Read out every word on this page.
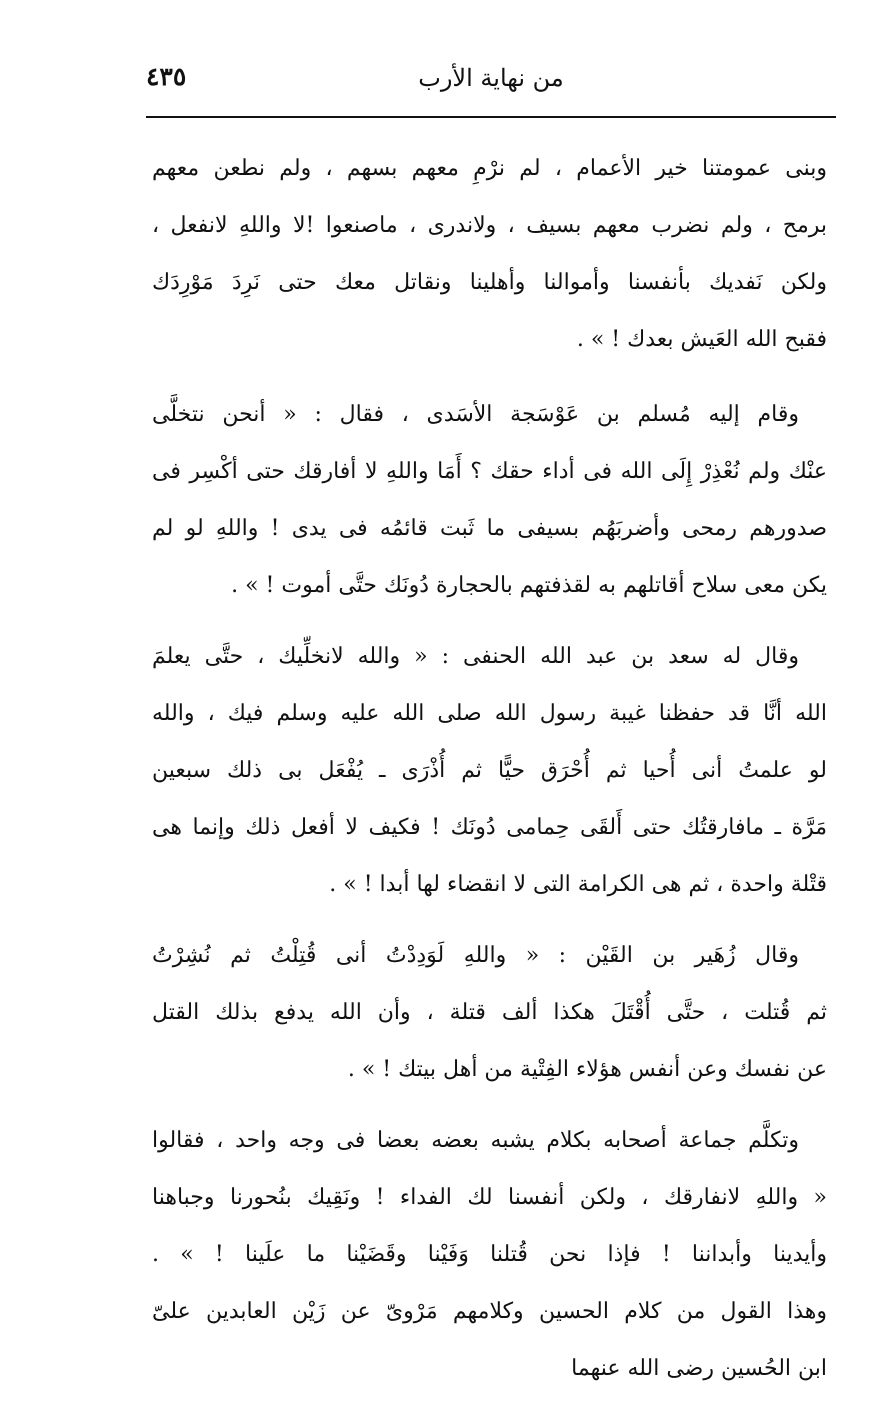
٤٣٥	من نهاية الأرب
وبنى عمومتنا خير الأعمام ، لم نرْمِ معهم بسهم ، ولم نطعن معهم
برمح ، ولم نضرب معهم بسيف ، ولاندرى ، ماصنعوا !لا واللهِ لانفعل ،
ولكن نَفديك بأنفسنا وأموالنا وأهلينا ونقاتل معك حتى نَرِدَ مَوْرِدَك
فقبح الله العَيش بعدك ! » .
وقام إليه مُسلم بن عَوْسَجة الأسَدى ، فقال : « أنحن نتخلَّى
عنْك ولم نُعْذِرْ إِلَى الله فى أداء حقك ؟ أَمَا واللهِ لا أفارقك حتى أكْسِر فى
صدورهم رمحى وأضربَهُم بسيفى ما ثَبت قائمُه فى يدى ! واللهِ لو لم
يكن معى سلاح أقاتلهم به لقذفتهم بالحجارة دُونَك حتَّى أموت ! » .
وقال له سعد بن عبد الله الحنفى : « والله لانخلِّيك ، حتَّى يعلمَ
الله أنَّا قد حفظنا غيبة رسول الله صلى الله عليه وسلم فيك ، والله
لو علمتُ أنى أُحيا ثم أُحْرَق حيًّا ثم أُذْرَى ـ يُفْعَل بى ذلك سبعين
مَرَّة ـ مافارقتُك حتى أَلقَى حِمامى دُونَك ! فكيف لا أفعل ذلك وإنما هى
قتْلة واحدة ، ثم هى الكرامة التى لا انقضاء لها أبدا ! » .
وقال زُهَير بن القَيْن : « واللهِ لَوَدِدْتُ أنى قُتِلْتُ ثم نُشِرْتُ
ثم قُتلت ، حتَّى أُقْتَلَ هكذا ألف قتلة ، وأن الله يدفع بذلك القتل
عن نفسك وعن أنفس هؤلاء الفِتْية من أهل بيتك ! » .
وتكلَّم جماعة أصحابه بكلام يشبه بعضه بعضا فى وجه واحد ، فقالوا
« واللهِ لانفارقك ، ولكن أنفسنا لك الفداء ! ونَقِيك بنُحورنا وجباهنا
وأيدينا وأبداننا ! فإذا نحن قُتلنا وَفَيْنا وقَضَيْنا ما علَينا ! » .
وهذا القول من كلام الحسين وكلامهم مَرْوىّ عن زَيْن العابدين علىّ
ابن الحُسين رضى الله عنهما
